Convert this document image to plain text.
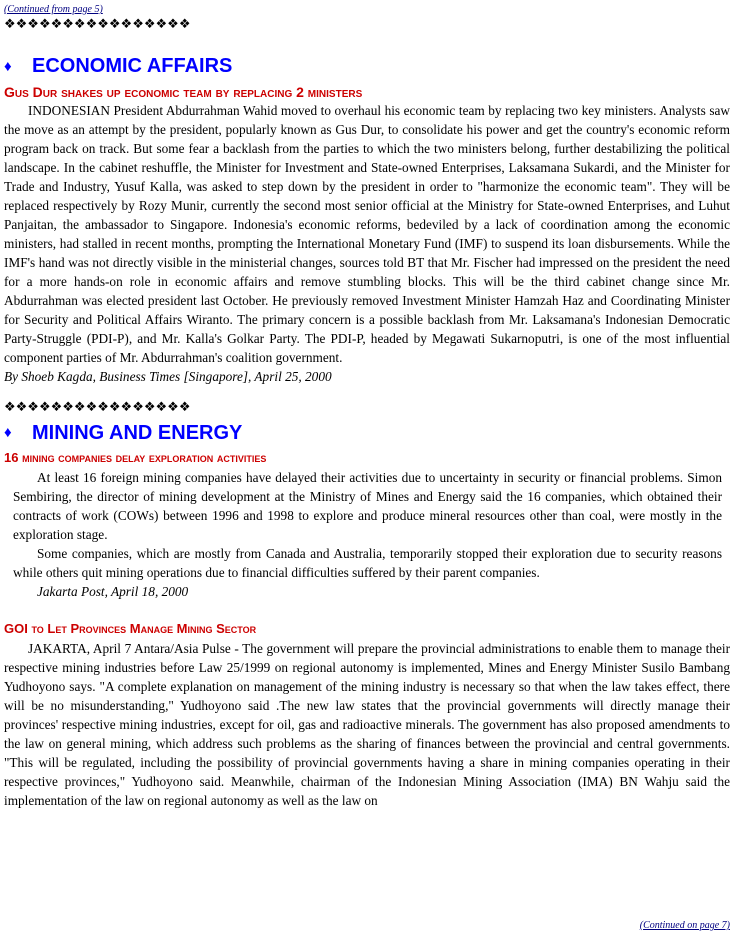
(Continued from page 5)
❖❖❖❖❖❖❖❖❖❖❖❖❖❖❖❖
♦ ECONOMIC AFFAIRS
Gus Dur shakes up economic team by replacing 2 ministers

INDONESIAN President Abdurrahman Wahid moved to overhaul his economic team by replacing two key ministers. Analysts saw the move as an attempt by the president, popularly known as Gus Dur, to consolidate his power and get the country's economic reform program back on track. But some fear a backlash from the parties to which the two ministers belong, further destabilizing the political landscape. In the cabinet reshuffle, the Minister for Investment and State-owned Enterprises, Laksamana Sukardi, and the Minister for Trade and Industry, Yusuf Kalla, was asked to step down by the president in order to "harmonize the economic team". They will be replaced respectively by Rozy Munir, currently the second most senior official at the Ministry for State-owned Enterprises, and Luhut Panjaitan, the ambassador to Singapore. Indonesia's economic reforms, bedeviled by a lack of coordination among the economic ministers, had stalled in recent months, prompting the International Monetary Fund (IMF) to suspend its loan disbursements. While the IMF's hand was not directly visible in the ministerial changes, sources told BT that Mr. Fischer had impressed on the president the need for a more hands-on role in economic affairs and remove stumbling blocks. This will be the third cabinet change since Mr. Abdurrahman was elected president last October. He previously removed Investment Minister Hamzah Haz and Coordinating Minister for Security and Political Affairs Wiranto. The primary concern is a possible backlash from Mr. Laksamana's Indonesian Democratic Party-Struggle (PDI-P), and Mr. Kalla's Golkar Party. The PDI-P, headed by Megawati Sukarnoputri, is one of the most influential component parties of Mr. Abdurrahman's coalition government.

By Shoeb Kagda, Business Times [Singapore], April 25, 2000

❖❖❖❖❖❖❖❖❖❖❖❖❖❖❖❖
♦ MINING AND ENERGY
16 mining companies delay exploration activities

At least 16 foreign mining companies have delayed their activities due to uncertainty in security or financial problems. Simon Sembiring, the director of mining development at the Ministry of Mines and Energy said the 16 companies, which obtained their contracts of work (COWs) between 1996 and 1998 to explore and produce mineral resources other than coal, were mostly in the exploration stage.

Some companies, which are mostly from Canada and Australia, temporarily stopped their exploration due to security reasons while others quit mining operations due to financial difficulties suffered by their parent companies.

Jakarta Post, April 18, 2000

GOI to Let Provinces Manage Mining Sector

JAKARTA, April 7 Antara/Asia Pulse - The government will prepare the provincial administrations to enable them to manage their respective mining industries before Law 25/1999 on regional autonomy is implemented, Mines and Energy Minister Susilo Bambang Yudhoyono says. "A complete explanation on management of the mining industry is necessary so that when the law takes effect, there will be no misunderstanding," Yudhoyono said .The new law states that the provincial governments will directly manage their provinces' respective mining industries, except for oil, gas and radioactive minerals. The government has also proposed amendments to the law on general mining, which address such problems as the sharing of finances between the provincial and central governments. "This will be regulated, including the possibility of provincial governments having a share in mining companies operating in their respective provinces," Yudhoyono said. Meanwhile, chairman of the Indonesian Mining Association (IMA) BN Wahju said the implementation of the law on regional autonomy as well as the law on

(Continued on page 7)
